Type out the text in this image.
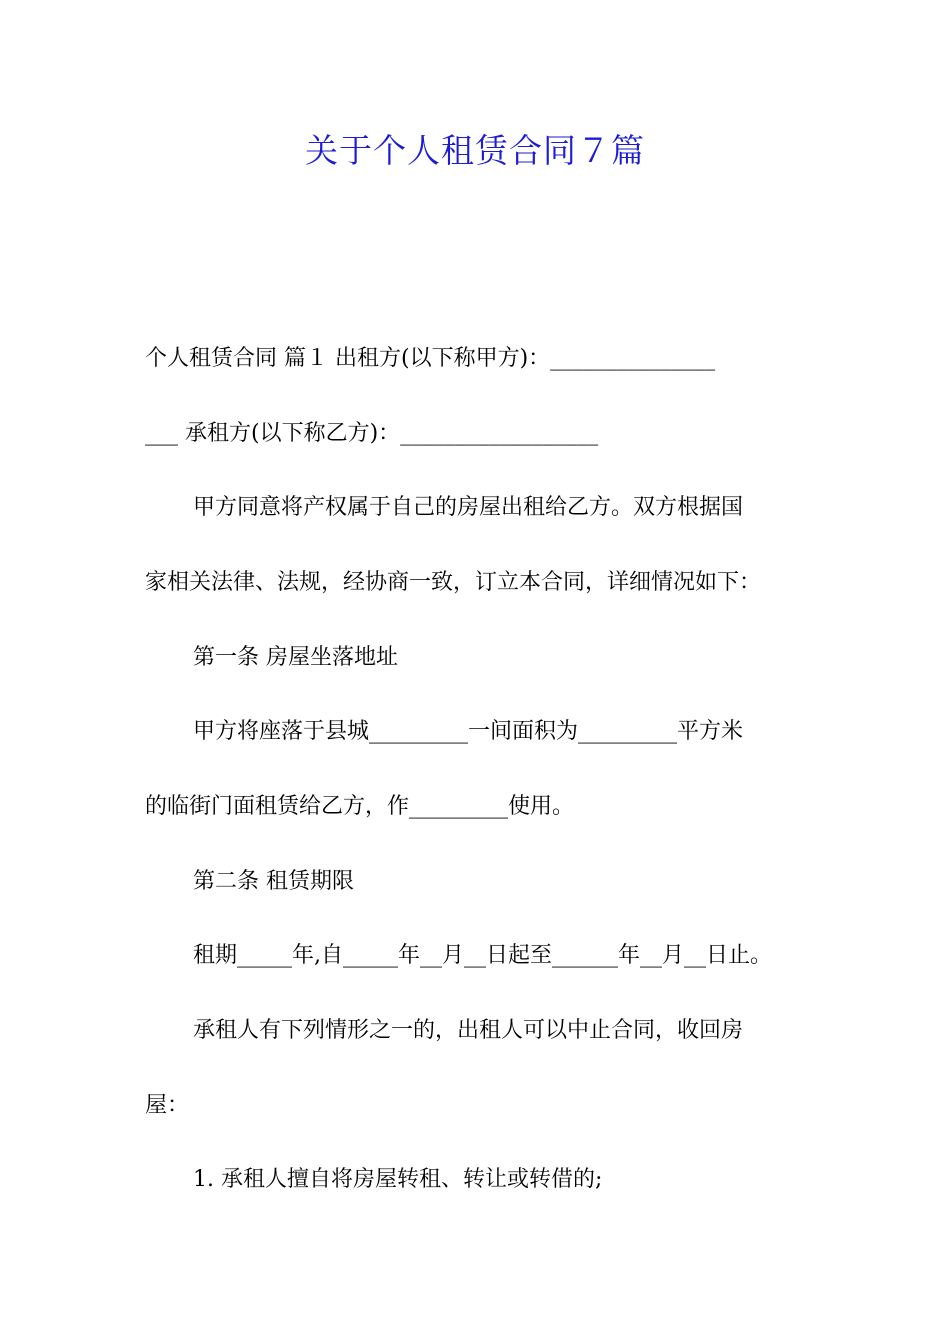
关于个人租赁合同７篇
个人租赁合同 篇１ 出租方(以下称甲方)：_______________
___ 承租方(以下称乙方)：__________________
甲方同意将产权属于自己的房屋出租给乙方。双方根据国
家相关法律、法规，经协商一致，订立本合同，详细情况如下：
第一条 房屋坐落地址
甲方将座落于县城_________一间面积为_________平方米
的临街门面租赁给乙方，作_________使用。
第二条 租赁期限
租期_____年,自_____年__月__日起至______年__月__日止。
承租人有下列情形之一的，出租人可以中止合同，收回房
屋：
1. 承租人擅自将房屋转租、转让或转借的;
